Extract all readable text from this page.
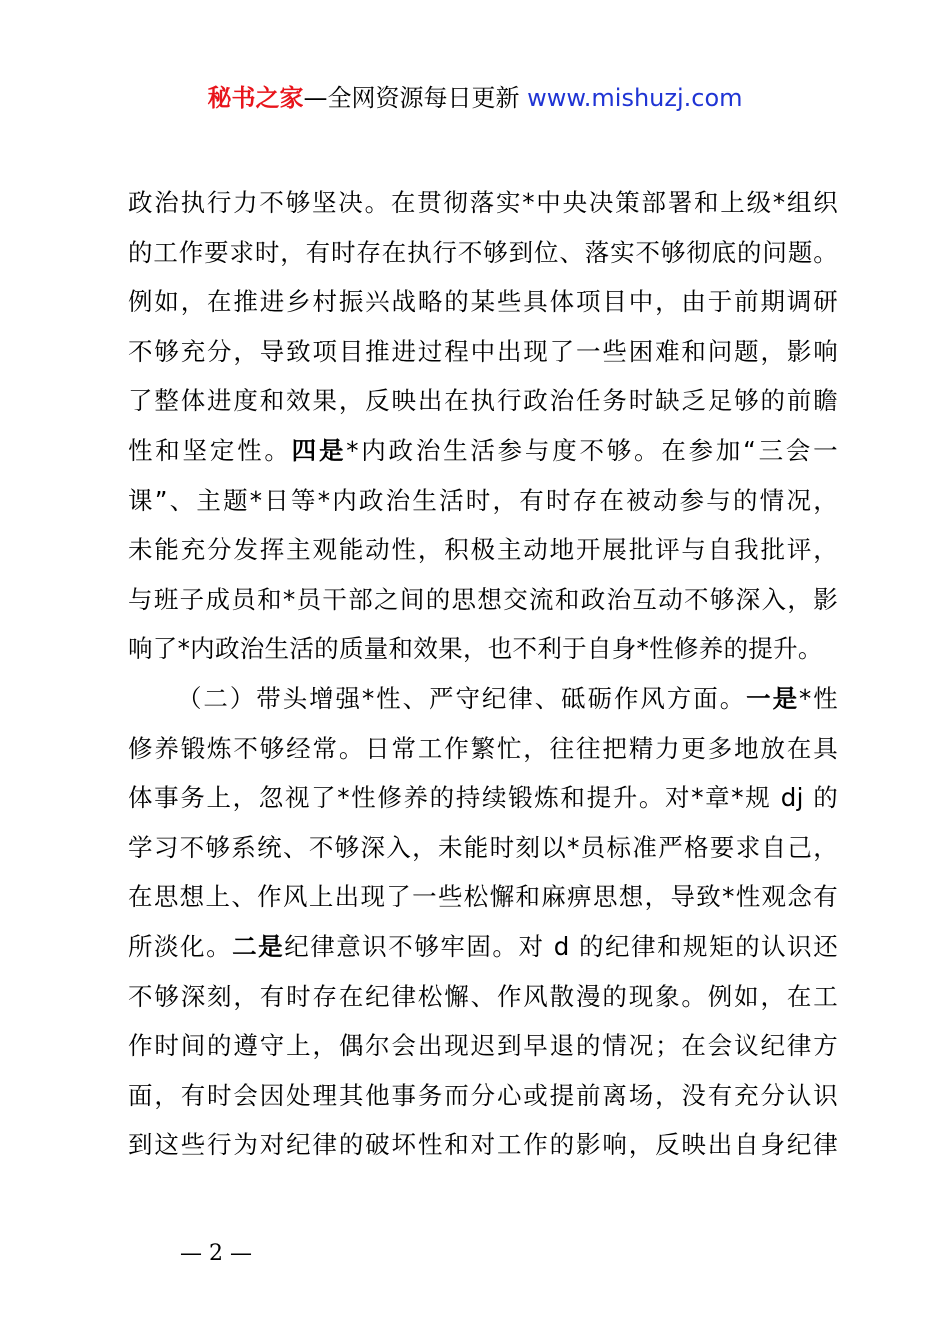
秘书之家—全网资源每日更新 www.mishuzj.com
政治执行力不够坚决。在贯彻落实*中央决策部署和上级*组织
的工作要求时，有时存在执行不够到位、落实不够彻底的问题。
例如，在推进乡村振兴战略的某些具体项目中，由于前期调研
不够充分，导致项目推进过程中出现了一些困难和问题，影响
了整体进度和效果，反映出在执行政治任务时缺乏足够的前瞻
性和坚定性。四是*内政治生活参与度不够。在参加“三会一
课”、主题*日等*内政治生活时，有时存在被动参与的情况，
未能充分发挥主观能动性，积极主动地开展批评与自我批评，
与班子成员和*员干部之间的思想交流和政治互动不够深入，影
响了*内政治生活的质量和效果，也不利于自身*性修养的提升。
（二）带头增强*性、严守纪律、砥砺作风方面。一是*性
修养锻炼不够经常。日常工作繁忙，往往把精力更多地放在具
体事务上，忽视了*性修养的持续锻炼和提升。对*章*规 dj 的
学习不够系统、不够深入，未能时刻以*员标准严格要求自己，
在思想上、作风上出现了一些松懈和麻痹思想，导致*性观念有
所淡化。二是纪律意识不够牢固。对 d 的纪律和规矩的认识还
不够深刻，有时存在纪律松懈、作风散漫的现象。例如，在工
作时间的遵守上，偶尔会出现迟到早退的情况；在会议纪律方
面，有时会因处理其他事务而分心或提前离场，没有充分认识
到这些行为对纪律的破坏性和对工作的影响，反映出自身纪律
— 2 —
